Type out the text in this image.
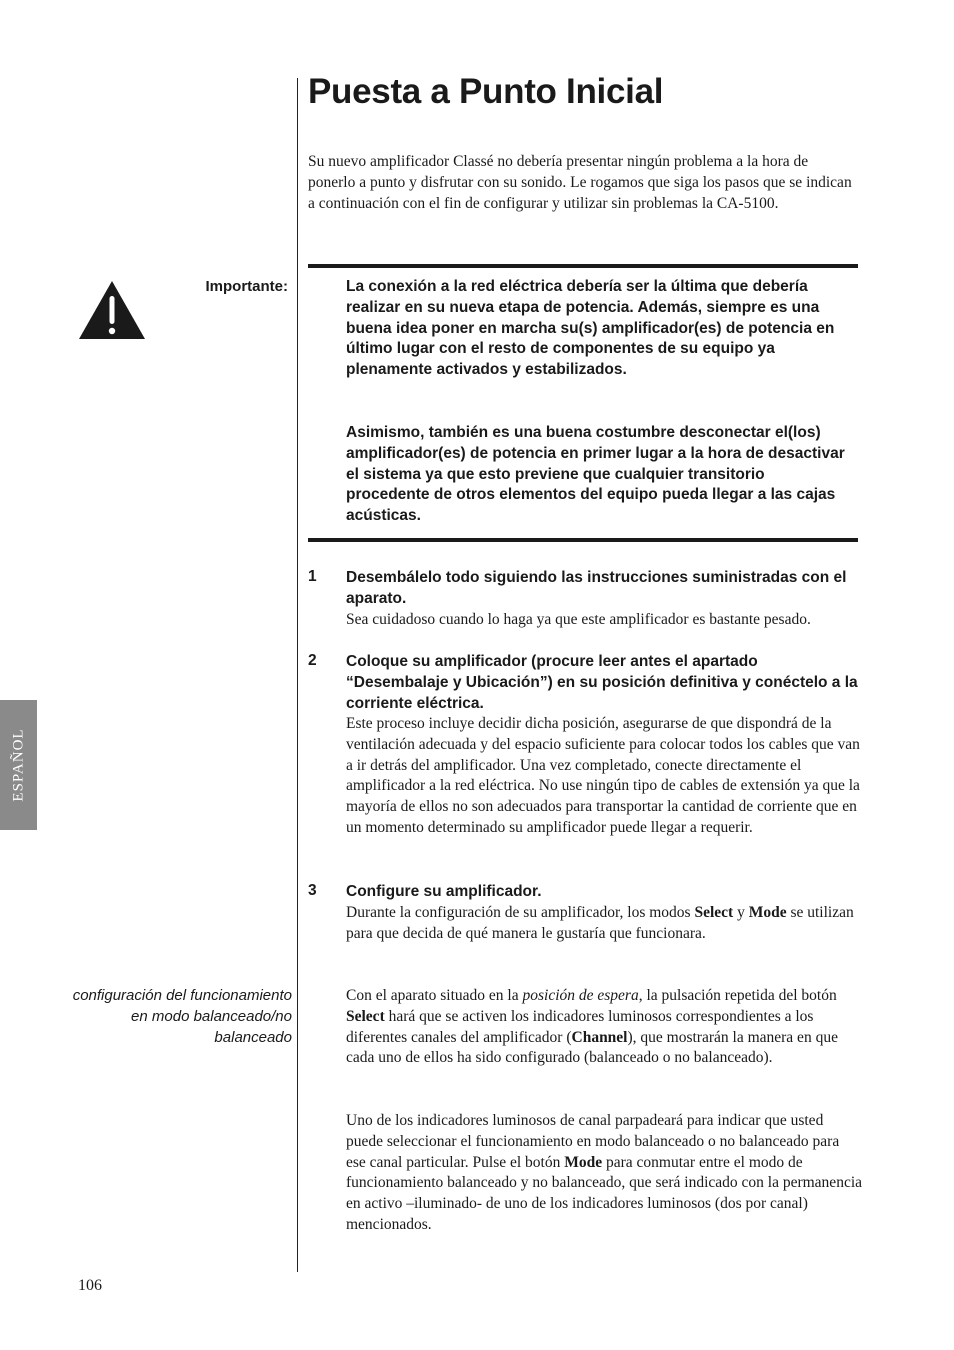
Puesta a Punto Inicial

Su nuevo amplificador Classé no debería presentar ningún problema a la hora de ponerlo a punto y disfrutar con su sonido. Le rogamos que siga los pasos que se indican a continuación con el fin de configurar y utilizar sin problemas la CA-5100.

Importante:	La conexión a la red eléctrica debería ser la última que debería realizar en su nueva etapa de potencia. Además, siempre es una buena idea poner en marcha su(s) amplificador(es) de potencia en último lugar con el resto de componentes de su equipo ya plenamente activados y estabilizados.

Asimismo, también es una buena costumbre desconectar el(los) amplificador(es) de potencia en primer lugar a la hora de desactivar el sistema ya que esto previene que cualquier transitorio procedente de otros elementos del equipo pueda llegar a las cajas acústicas.

1 Desembálelo todo siguiendo las instrucciones suministradas con el aparato.

Sea cuidadoso cuando lo haga ya que este amplificador es bastante pesado.

2 Coloque su amplificador (procure leer antes el apartado “Desembalaje y Ubicación”) en su posición definitiva y conéctelo a la corriente eléctrica.

Este proceso incluye decidir dicha posición, asegurarse de que dispondrá de la ventilación adecuada y del espacio suficiente para colocar todos los cables que van a ir detrás del amplificador. Una vez completado, conecte directamente el amplificador a la red eléctrica. No use ningún tipo de cables de extensión ya que la mayoría de ellos no son adecuados para transportar la cantidad de corriente que en un momento determinado su amplificador puede llegar a requerir.

3 Configure su amplificador.

Durante la configuración de su amplificador, los modos Select y Mode se utilizan para que decida de qué manera le gustaría que funcionara.

configuración del funcionamiento en modo balanceado/no balanceado

Con el aparato situado en la posición de espera, la pulsación repetida del botón Select hará que se activen los indicadores luminosos correspondientes a los diferentes canales del amplificador (Channel), que mostrarán la manera en que cada uno de ellos ha sido configurado (balanceado o no balanceado).

Uno de los indicadores luminosos de canal parpadeará para indicar que usted puede seleccionar el funcionamiento en modo balanceado o no balanceado para ese canal particular. Pulse el botón Mode para conmutar entre el modo de funcionamiento balanceado y no balanceado, que será indicado con la permanencia en activo –iluminado- de uno de los indicadores luminosos (dos por canal) mencionados.

ESPAÑOL
106
